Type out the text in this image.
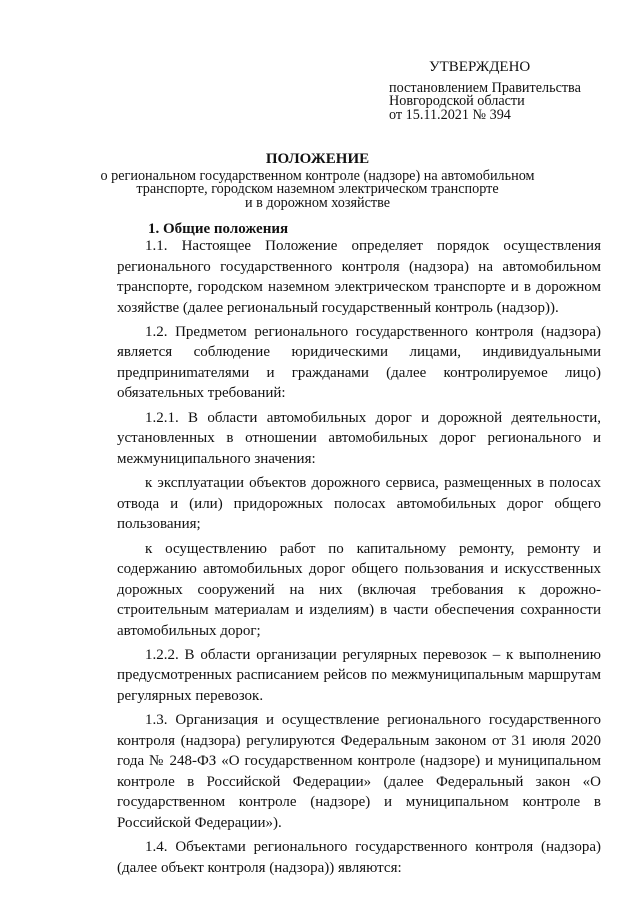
УТВЕРЖДЕНО
постановлением Правительства
Новгородской области
от 15.11.2021 № 394
ПОЛОЖЕНИЕ
о региональном государственном контроле (надзоре) на автомобильном
транспорте, городском наземном электрическом транспорте
и в дорожном хозяйстве
1. Общие положения

1.1. Настоящее Положение определяет порядок осуществления регионального государственного контроля (надзора) на автомобильном транспорте, городском наземном электрическом транспорте и в дорожном хозяйстве (далее региональный государственный контроль (надзор)).

1.2. Предметом регионального государственного контроля (надзора) является соблюдение юридическими лицами, индивидуальными предприниmателями и гражданами (далее контролируемое лицо) обязательных требований:

1.2.1. В области автомобильных дорог и дорожной деятельности, установленных в отношении автомобильных дорог регионального и межмуниципального значения:

к эксплуатации объектов дорожного сервиса, размещенных в полосах отвода и (или) придорожных полосах автомобильных дорог общего пользования;

к осуществлению работ по капитальному ремонту, ремонту и содержанию автомобильных дорог общего пользования и искусственных дорожных сооружений на них (включая требования к дорожно-строительным материалам и изделиям) в части обеспечения сохранности автомобильных дорог;

1.2.2. В области организации регулярных перевозок – к выполнению предусмотренных расписанием рейсов по межмуниципальным маршрутам регулярных перевозок.

1.3. Организация и осуществление регионального государственного контроля (надзора) регулируются Федеральным законом от 31 июля 2020 года № 248-ФЗ «О государственном контроле (надзоре) и муниципальном контроле в Российской Федерации» (далее Федеральный закон «О государственном контроле (надзоре) и муниципальном контроле в Российской Федерации»).

1.4. Объектами регионального государственного контроля (надзора) (далее объект контроля (надзора)) являются:
